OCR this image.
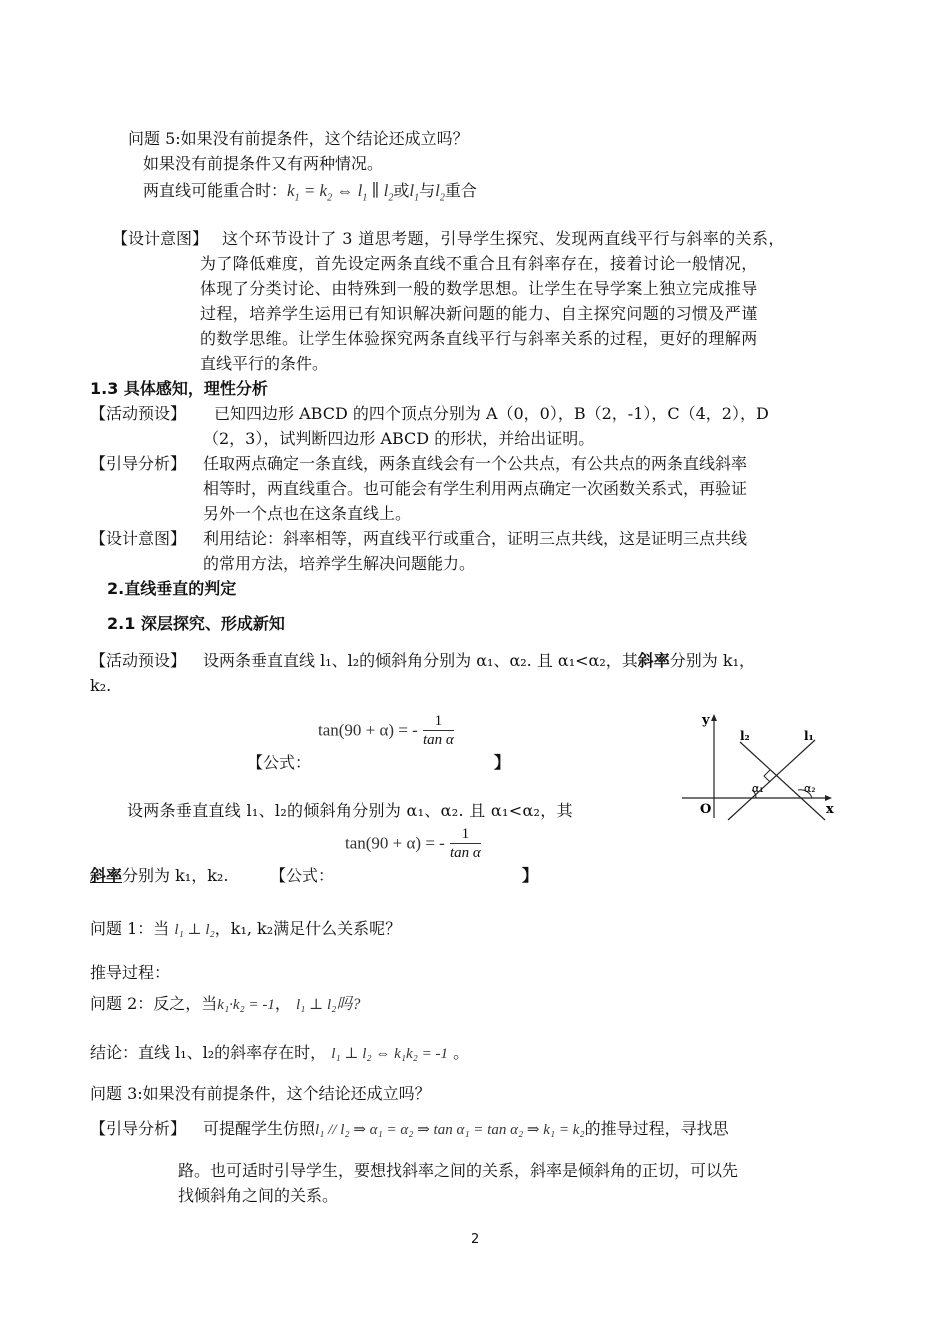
问题 5:如果没有前提条件，这个结论还成立吗？
如果没有前提条件又有两种情况。
两直线可能重合时：$k_1 = k_2$ ⇔ $l_1$ ∥ $l_2$或$l_1$与$l_2$重合
【设计意图】 这个环节设计了 3 道思考题，引导学生探究、发现两直线平行与斜率的关系，
为了降低难度，首先设定两条直线不重合且有斜率存在，接着讨论一般情况，
体现了分类讨论、由特殊到一般的数学思想。让学生在导学案上独立完成推导
过程，培养学生运用已有知识解决新问题的能力、自主探究问题的习惯及严谨
的数学思维。让学生体验探究两条直线平行与斜率关系的过程，更好的理解两
直线平行的条件。
1.3 具体感知，理性分析
【活动预设】 已知四边形 ABCD 的四个顶点分别为 A（0，0），B（2，-1），C（4，2），D
（2，3），试判断四边形 ABCD 的形状，并给出证明。
【引导分析】 任取两点确定一条直线，两条直线会有一个公共点，有公共点的两条直线斜率
相等时，两直线重合。也可能会有学生利用两点确定一次函数关系式，再验证
另外一个点也在这条直线上。
【设计意图】 利用结论：斜率相等，两直线平行或重合，证明三点共线，这是证明三点共线
的常用方法，培养学生解决问题能力。
2.直线垂直的判定
2.1 深层探究、形成新知
【活动预设】 设两条垂直直线 l₁、l₂的倾斜角分别为 α₁、α₂. 且 α₁<α₂，其斜率分别为 k₁，
k₂.
tan(90 + α) = - $\frac{1}{\text{tan α}}$
【公式：	】
设两条垂直直线 l₁、l₂的倾斜角分别为 α₁、α₂. 且 α₁<α₂，其
tan(90 + α) = - $\frac{1}{\text{tan α}}$
斜率分别为 k₁，k₂.	【公式：	】
y
x
O
l₂	l₁
α₁	α₂
问题 1：当 l₁ ⊥ l₂，k₁, k₂满足什么关系呢？
推导过程：
问题 2：反之，当k₁·k₂ = -1， l₁ ⊥ l₂吗?
结论：直线 l₁、l₂的斜率存在时， l₁ ⊥ l₂ ⇔ k₁k₂ = -1 。
问题 3:如果没有前提条件，这个结论还成立吗？
【引导分析】 可提醒学生仿照l₁ // l₂ ⇒ α₁ = α₂ ⇒ tan α₁ = tan α₂ ⇒ k₁ = k₂的推导过程，寻找思
路。也可适时引导学生，要想找斜率之间的关系，斜率是倾斜角的正切，可以先
找倾斜角之间的关系。
2
